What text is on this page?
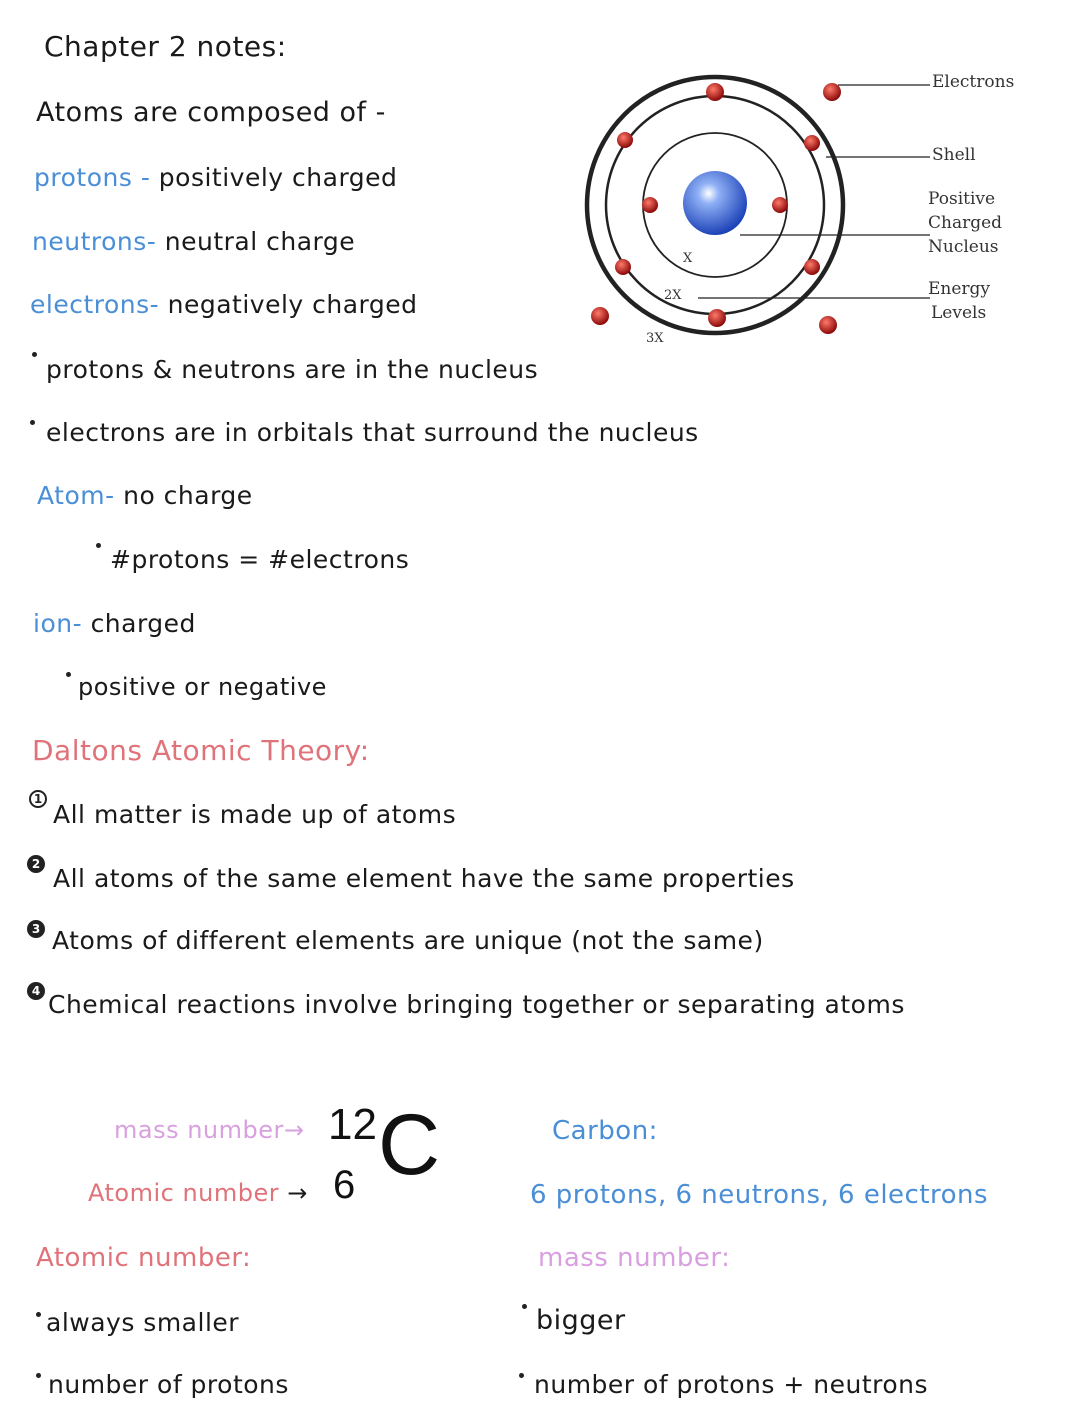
Chapter 2 notes:
Atoms are composed of -
protons - positively charged
neutrons- neutral charge
electrons- negatively charged
protons & neutrons are in the nucleus
electrons are in orbitals that surround the nucleus
Atom- no charge
#protons = #electrons
ion- charged
positive or negative
Daltons Atomic Theory:
1
All matter is made up of atoms
2 All atoms of the same element have the same properties
3 Atoms of different elements are unique (not the same)
4 Chemical reactions involve bringing together or separating atoms
X
2X
3X
Electrons
Shell
Positive
Charged
Nucleus
Energy
Levels
mass number→ 12
Atomic number → 6 C	Carbon:
6 protons, 6 neutrons, 6 electrons
Atomic number:
always smaller
number of protons
mass number:
bigger
number of protons + neutrons
